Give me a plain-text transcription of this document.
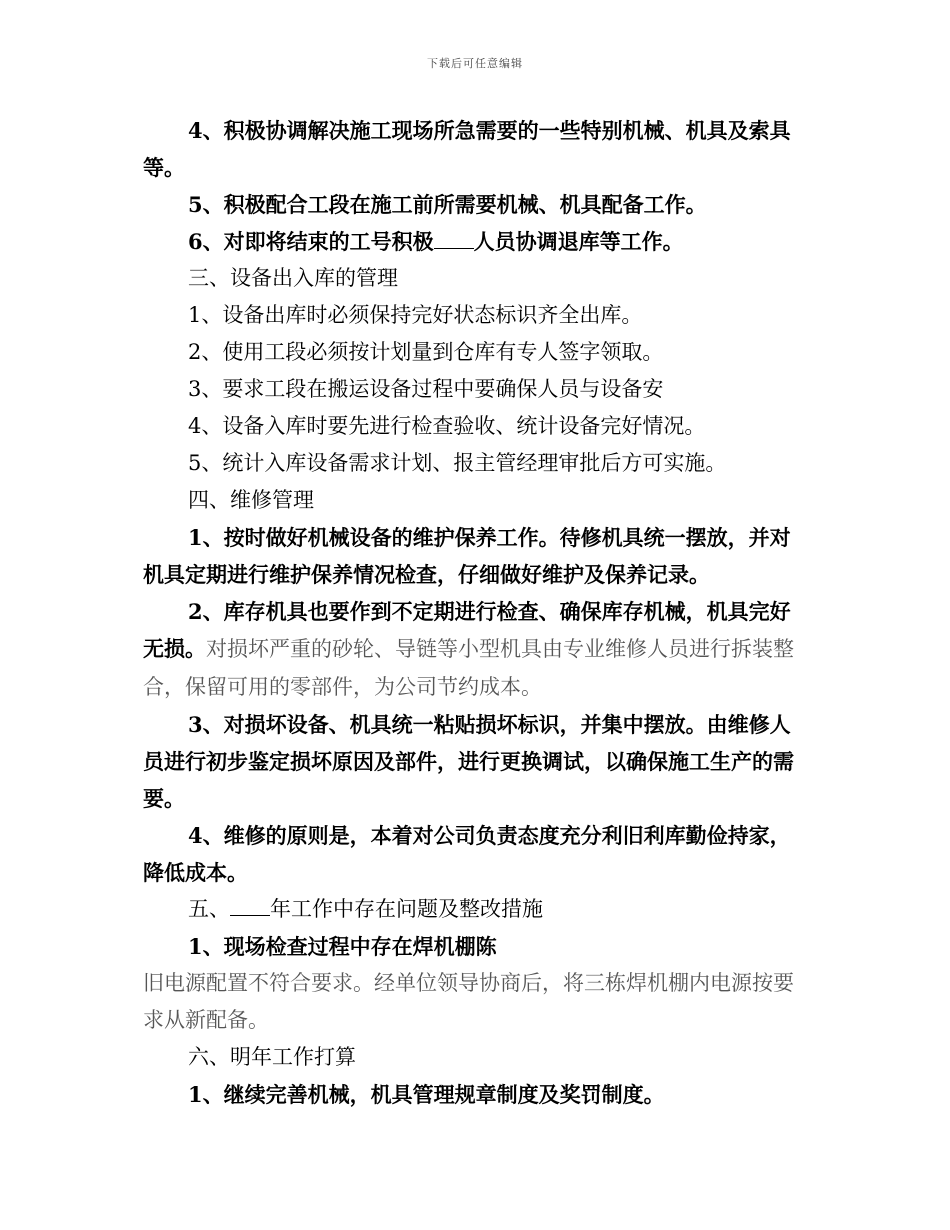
下载后可任意编辑

4、积极协调解决施工现场所急需要的一些特别机械、机具及索具等。

5、积极配合工段在施工前所需要机械、机具配备工作。

6、对即将结束的工号积极 人员协调退库等工作。

三、设备出入库的管理

1、设备出库时必须保持完好状态标识齐全出库。

2、使用工段必须按计划量到仓库有专人签字领取。

3、要求工段在搬运设备过程中要确保人员与设备安

4、设备入库时要先进行检查验收、统计设备完好情况。

5、统计入库设备需求计划、报主管经理审批后方可实施。

四、维修管理

1、按时做好机械设备的维护保养工作。待修机具统一摆放，并对机具定期进行维护保养情况检查，仔细做好维护及保养记录。

2、库存机具也要作到不定期进行检查、确保库存机械，机具完好无损。对损坏严重的砂轮、导链等小型机具由专业维修人员进行拆装整合，保留可用的零部件，为公司节约成本。

3、对损坏设备、机具统一粘贴损坏标识，并集中摆放。由维修人员进行初步鉴定损坏原因及部件，进行更换调试，以确保施工生产的需要。

4、维修的原则是，本着对公司负责态度充分利旧利库勤俭持家，降低成本。

五、 年工作中存在问题及整改措施

1、现场检查过程中存在焊机棚陈

旧电源配置不符合要求。经单位领导协商后，将三栋焊机棚内电源按要求从新配备。

六、明年工作打算

1、继续完善机械，机具管理规章制度及奖罚制度。
